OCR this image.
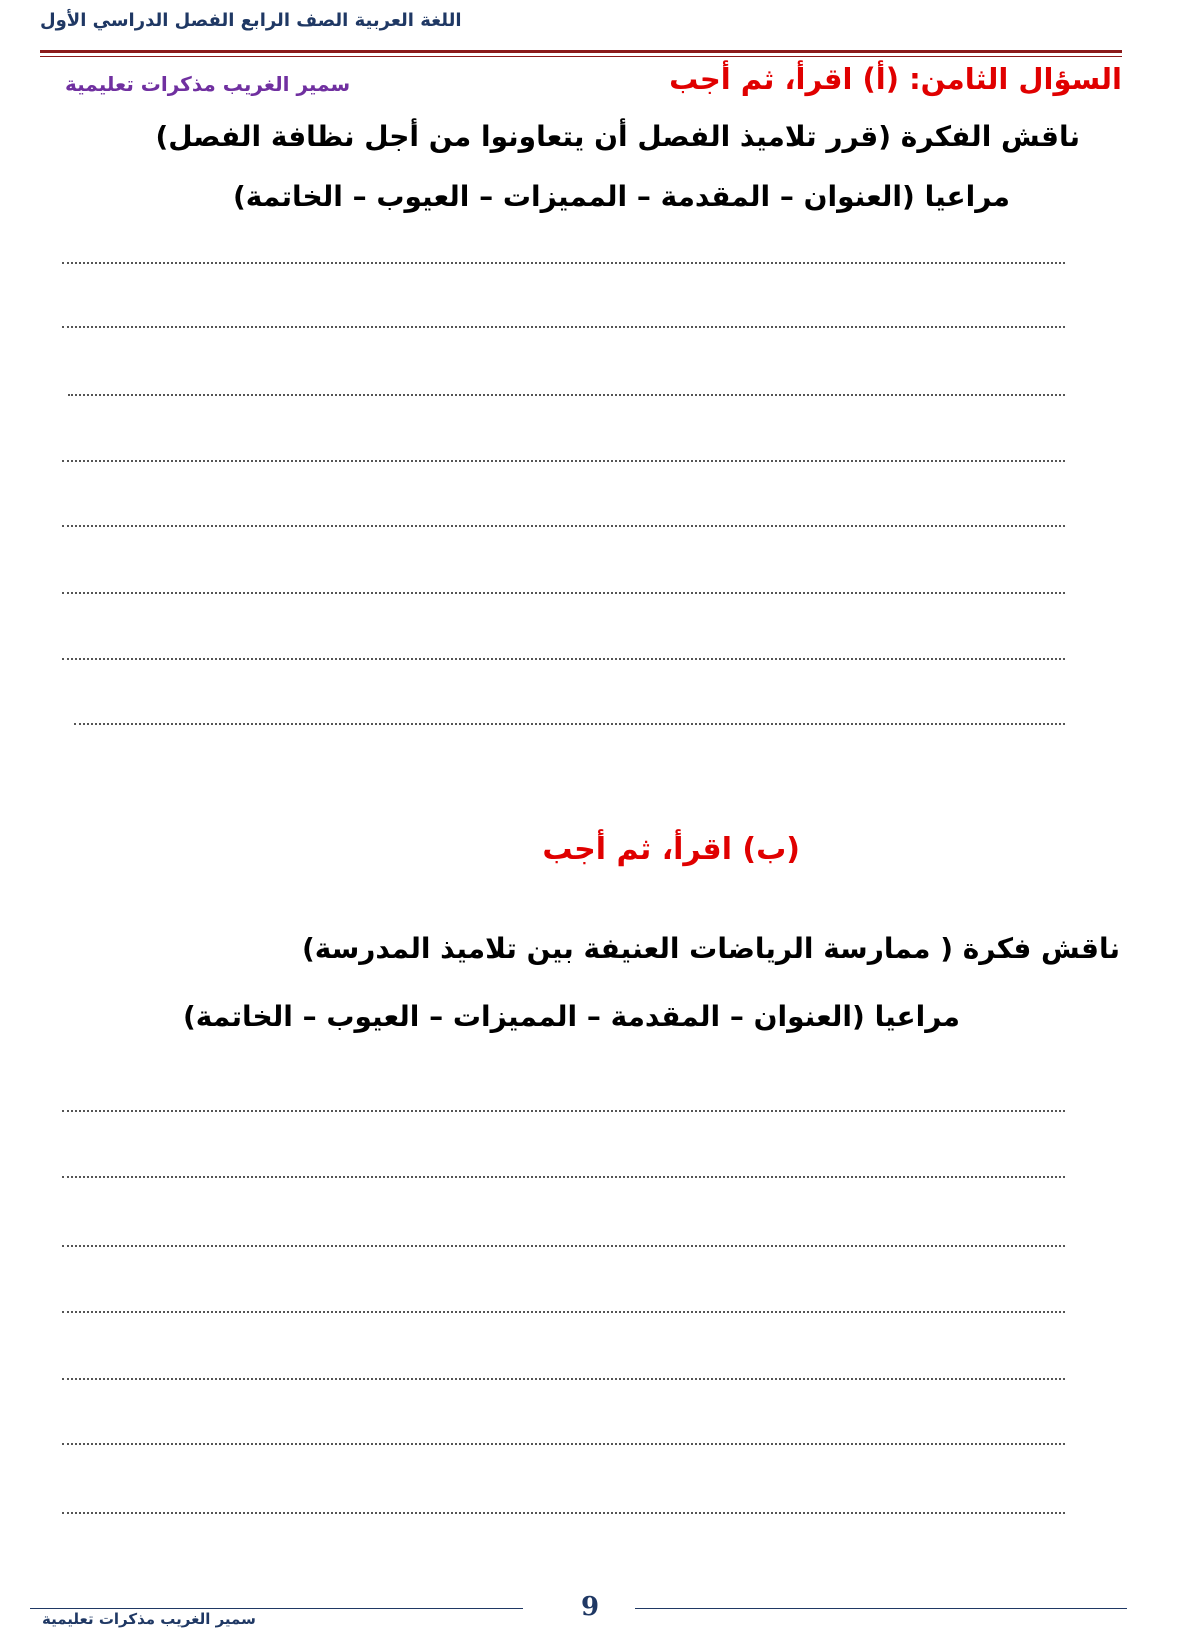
اللغة العربية الصف الرابع الفصل الدراسي الأول
السؤال الثامن: (أ) اقرأ، ثم أجب
سمير الغريب مذكرات تعليمية
ناقش الفكرة (قرر تلاميذ الفصل أن يتعاونوا من أجل نظافة الفصل)
مراعيا (العنوان – المقدمة – المميزات – العيوب – الخاتمة)
(ب) اقرأ، ثم أجب
ناقش فكرة ( ممارسة الرياضات العنيفة بين تلاميذ المدرسة)
مراعيا (العنوان – المقدمة – المميزات – العيوب – الخاتمة)
9
سمير الغريب مذكرات تعليمية
